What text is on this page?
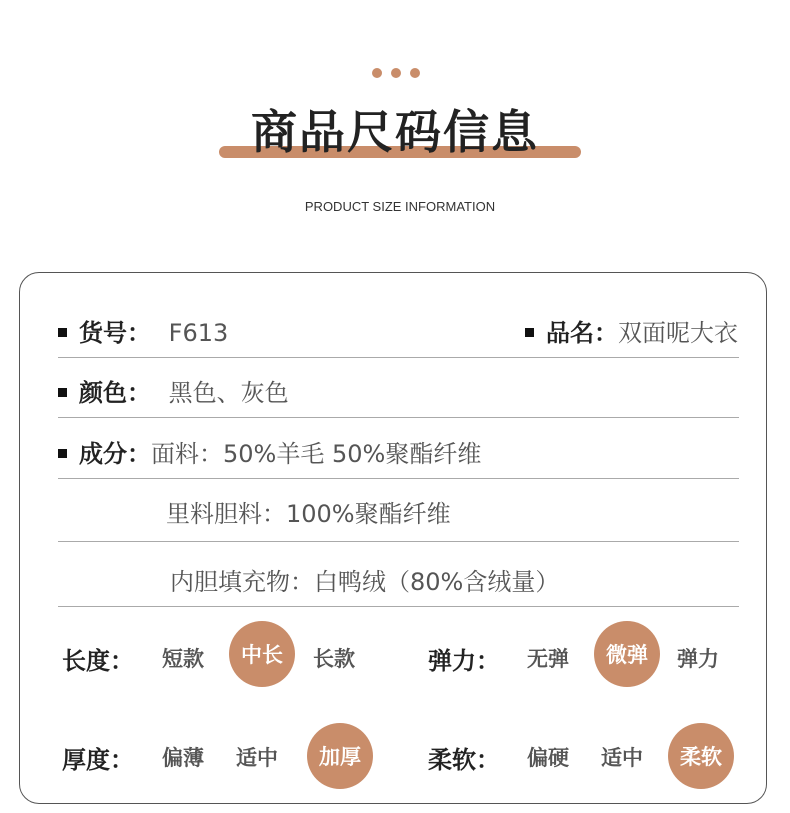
商品尺码信息
PRODUCT SIZE INFORMATION
货号： F613	品名：双面呢大衣
颜色： 黑色、灰色
成分：面料：50%羊毛 50%聚酯纤维
里料胆料：100%聚酯纤维
内胆填充物：白鸭绒（80%含绒量）
长度： 短款	中长	长款	弹力： 无弹	微弹	弹力
厚度： 偏薄 适中	加厚	柔软： 偏硬 适中	柔软
